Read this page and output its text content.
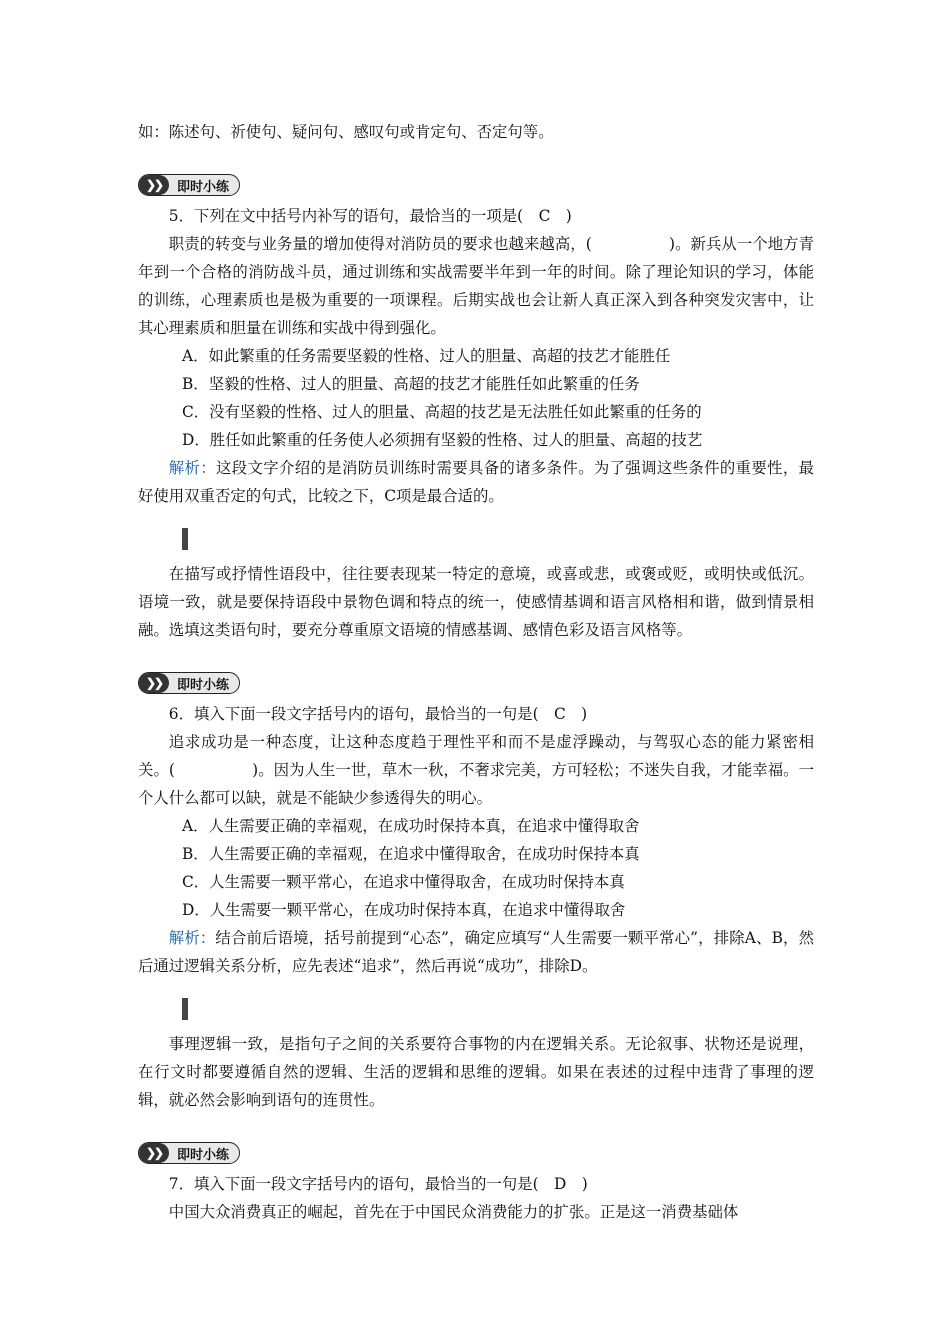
如：陈述句、祈使句、疑问句、感叹句或肯定句、否定句等。

❯❯	即时小练

5．下列在文中括号内补写的语句，最恰当的一项是(　C　)

职责的转变与业务量的增加使得对消防员的要求也越来越高，(　　　　　)。新兵从一个地方青年到一个合格的消防战斗员，通过训练和实战需要半年到一年的时间。除了理论知识的学习，体能的训练，心理素质也是极为重要的一项课程。后期实战也会让新人真正深入到各种突发灾害中，让其心理素质和胆量在训练和实战中得到强化。

A．如此繁重的任务需要坚毅的性格、过人的胆量、高超的技艺才能胜任

B．坚毅的性格、过人的胆量、高超的技艺才能胜任如此繁重的任务

C．没有坚毅的性格、过人的胆量、高超的技艺是无法胜任如此繁重的任务的

D．胜任如此繁重的任务使人必须拥有坚毅的性格、过人的胆量、高超的技艺

解析：这段文字介绍的是消防员训练时需要具备的诸多条件。为了强调这些条件的重要性，最好使用双重否定的句式，比较之下，C项是最合适的。

在描写或抒情性语段中，往往要表现某一特定的意境，或喜或悲，或褒或贬，或明快或低沉。语境一致，就是要保持语段中景物色调和特点的统一，使感情基调和语言风格相和谐，做到情景相融。选填这类语句时，要充分尊重原文语境的情感基调、感情色彩及语言风格等。

❯❯	即时小练

6．填入下面一段文字括号内的语句，最恰当的一句是(　C　)

追求成功是一种态度，让这种态度趋于理性平和而不是虚浮躁动，与驾驭心态的能力紧密相关。(　　　　　)。因为人生一世，草木一秋，不奢求完美，方可轻松；不迷失自我，才能幸福。一个人什么都可以缺，就是不能缺少参透得失的明心。

A．人生需要正确的幸福观，在成功时保持本真，在追求中懂得取舍

B．人生需要正确的幸福观，在追求中懂得取舍，在成功时保持本真

C．人生需要一颗平常心，在追求中懂得取舍，在成功时保持本真

D．人生需要一颗平常心，在成功时保持本真，在追求中懂得取舍

解析：结合前后语境，括号前提到“心态”，确定应填写“人生需要一颗平常心”，排除A、B，然后通过逻辑关系分析，应先表述“追求”，然后再说“成功”，排除D。

事理逻辑一致，是指句子之间的关系要符合事物的内在逻辑关系。无论叙事、状物还是说理，在行文时都要遵循自然的逻辑、生活的逻辑和思维的逻辑。如果在表述的过程中违背了事理的逻辑，就必然会影响到语句的连贯性。

❯❯	即时小练

7．填入下面一段文字括号内的语句，最恰当的一句是(　D　)

中国大众消费真正的崛起，首先在于中国民众消费能力的扩张。正是这一消费基础体
